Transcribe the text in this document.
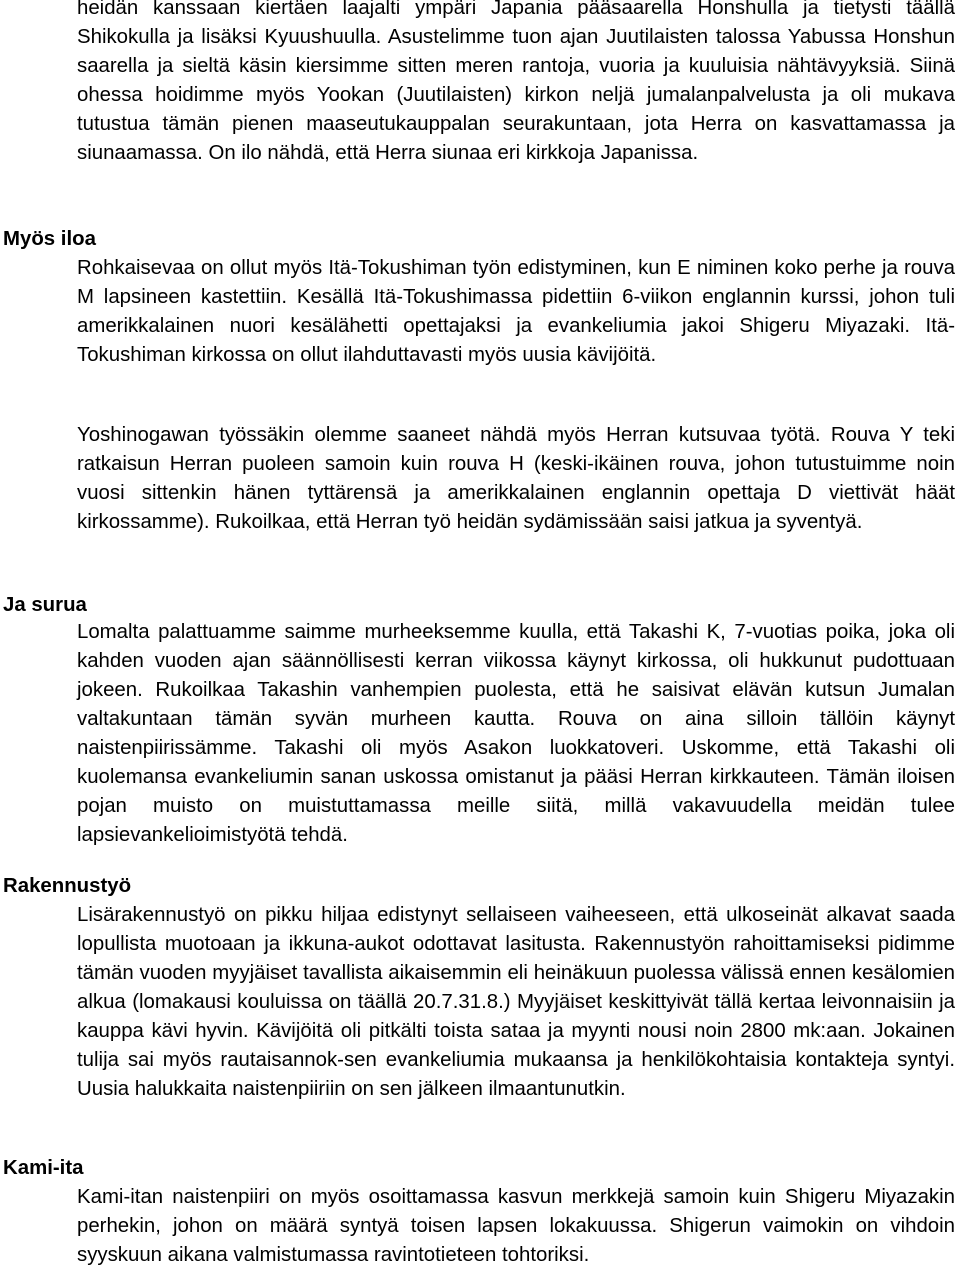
heidän kanssaan kiertäen laajalti ympäri Japania pääsaarella Honshulla ja tietysti täällä Shikokulla ja lisäksi Kyuushuulla. Asustelimme tuon ajan Juutilaisten talossa Yabussa Honshun saarella ja sieltä käsin kiersimme sitten meren rantoja, vuoria ja kuuluisia nähtävyyksiä. Siinä ohessa hoidimme myös Yookan (Juutilaisten) kirkon neljä jumalanpalvelusta ja oli mukava tutustua tämän pienen maaseutukauppalan seurakuntaan, jota Herra on kasvattamassa ja siunaamassa. On ilo nähdä, että Herra siunaa eri kirkkoja Japanissa.

Myös iloa

Rohkaisevaa on ollut myös Itä-Tokushiman työn edistyminen, kun E niminen koko perhe ja rouva M lapsineen kastettiin. Kesällä Itä-Tokushimassa pidettiin 6-viikon englannin kurssi, johon tuli amerikkalainen nuori kesälähetti opettajaksi ja evankeliumia jakoi Shigeru Miyazaki. Itä-Tokushiman kirkossa on ollut ilahduttavasti myös uusia kävijöitä.

Yoshinogawan työssäkin olemme saaneet nähdä myös Herran kutsuvaa työtä. Rouva Y teki ratkaisun Herran puoleen samoin kuin rouva H (keski-ikäinen rouva, johon tutustuimme noin vuosi sittenkin hänen tyttärensä ja amerikkalainen englannin opettaja D viettivät häät kirkossamme). Rukoilkaa, että Herran työ heidän sydämissään saisi jatkua ja syventyä.

Ja surua

Lomalta palattuamme saimme murheeksemme kuulla, että Takashi K, 7-vuotias poika, joka oli kahden vuoden ajan säännöllisesti kerran viikossa käynyt kirkossa, oli hukkunut pudottuaan jokeen. Rukoilkaa Takashin vanhempien puolesta, että he saisivat elävän kutsun Jumalan valtakuntaan tämän syvän murheen kautta. Rouva on aina silloin tällöin käynyt naistenpiirissämme. Takashi oli myös Asakon luokkatoveri. Uskomme, että Takashi oli kuolemansa evankeliumin sanan uskossa omistanut ja pääsi Herran kirkkauteen. Tämän iloisen pojan muisto on muistuttamassa meille siitä, millä vakavuudella meidän tulee lapsievankelioimistyötä tehdä.

Rakennustyö

Lisärakennustyö on pikku hiljaa edistynyt sellaiseen vaiheeseen, että ulkoseinät alkavat saada lopullista muotoaan ja ikkuna-aukot odottavat lasitusta. Rakennustyön rahoittamiseksi pidimme tämän vuoden myyjäiset tavallista aikaisemmin eli heinäkuun puolessa välissä ennen kesälomien alkua (lomakausi kouluissa on täällä 20.7.31.8.) Myyjäiset keskittyivät tällä kertaa leivonnaisiin ja kauppa kävi hyvin. Kävijöitä oli pitkälti toista sataa ja myynti nousi noin 2800 mk:aan. Jokainen tulija sai myös rautaisannok-sen evankeliumia mukaansa ja henkilökohtaisia kontakteja syntyi. Uusia halukkaita naistenpiiriin on sen jälkeen ilmaantunutkin.

Kami-ita

Kami-itan naistenpiiri on myös osoittamassa kasvun merkkejä samoin kuin Shigeru Miyazakin perhekin, johon on määrä syntyä toisen lapsen lokakuussa. Shigerun vaimokin on vihdoin syyskuun aikana valmistumassa ravintotieteen tohtoriksi.
